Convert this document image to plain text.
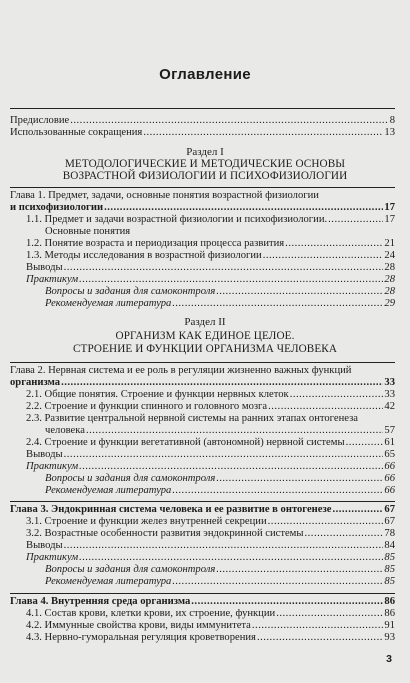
Оглавление
Предисловие .....	8
Использованные сокращения .....	13
Раздел I
МЕТОДОЛОГИЧЕСКИЕ И МЕТОДИЧЕСКИЕ ОСНОВЫ
ВОЗРАСТНОЙ ФИЗИОЛОГИИ И ПСИХОФИЗИОЛОГИИ
Глава 1. Предмет, задачи, основные понятия возрастной физиологии
и психофизиологии .....	17
1.1. Предмет и задачи возрастной физиологии и психофизиологии. .....	17
Основные понятия
1.2. Понятие возраста и периодизация процесса развития .....	21
1.3. Методы исследования в возрастной физиологии .....	24
Выводы .....	28
Практикум .....	28
Вопросы и задания для самоконтроля .....	28
Рекомендуемая литература .....	29
Раздел II
ОРГАНИЗМ КАК ЕДИНОЕ ЦЕЛОЕ.
СТРОЕНИЕ И ФУНКЦИИ ОРГАНИЗМА ЧЕЛОВЕКА
Глава 2. Нервная система и ее роль в регуляции жизненно важных функций
организма .....	33
2.1. Общие понятия. Строение и функции нервных клеток .....	33
2.2. Строение и функции спинного и головного мозга .....	42
2.3. Развитие центральной нервной системы на ранних этапах онтогенеза
человека .....	57
2.4. Строение и функции вегетативной (автономной) нервной системы .....	61
Выводы .....	65
Практикум .....	66
Вопросы и задания для самоконтроля .....	66
Рекомендуемая литература .....	66
Глава 3. Эндокринная система человека и ее развитие в онтогенезе .....	67
3.1. Строение и функции желез внутренней секреции .....	67
3.2. Возрастные особенности развития эндокринной системы .....	78
Выводы .....	84
Практикум .....	85
Вопросы и задания для самоконтроля .....	85
Рекомендуемая литература .....	85
Глава 4. Внутренняя среда организма .....	86
4.1. Состав крови, клетки крови, их строение, функции .....	86
4.2. Иммунные свойства крови, виды иммунитета .....	91
4.3. Нервно-гуморальная регуляция кроветворения .....	93
3
